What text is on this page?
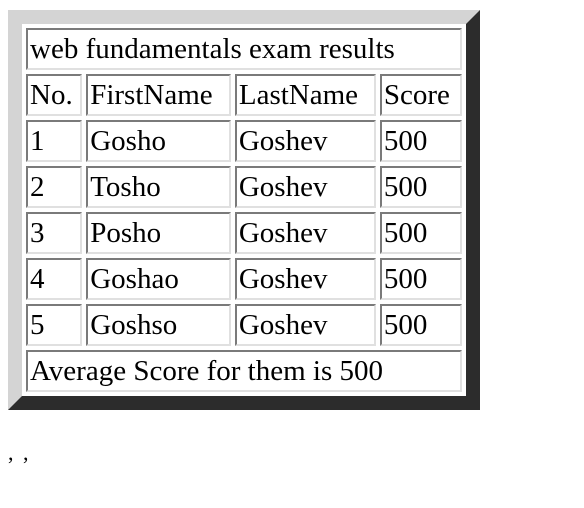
web fundamentals exam results			
No.	FirstName	LastName	Score
1	Gosho	Goshev	500
2	Tosho	Goshev	500
3	Posho	Goshev	500
4	Goshao	Goshev	500
5	Goshso	Goshev	500
Average Score for them is 500			
, ,
